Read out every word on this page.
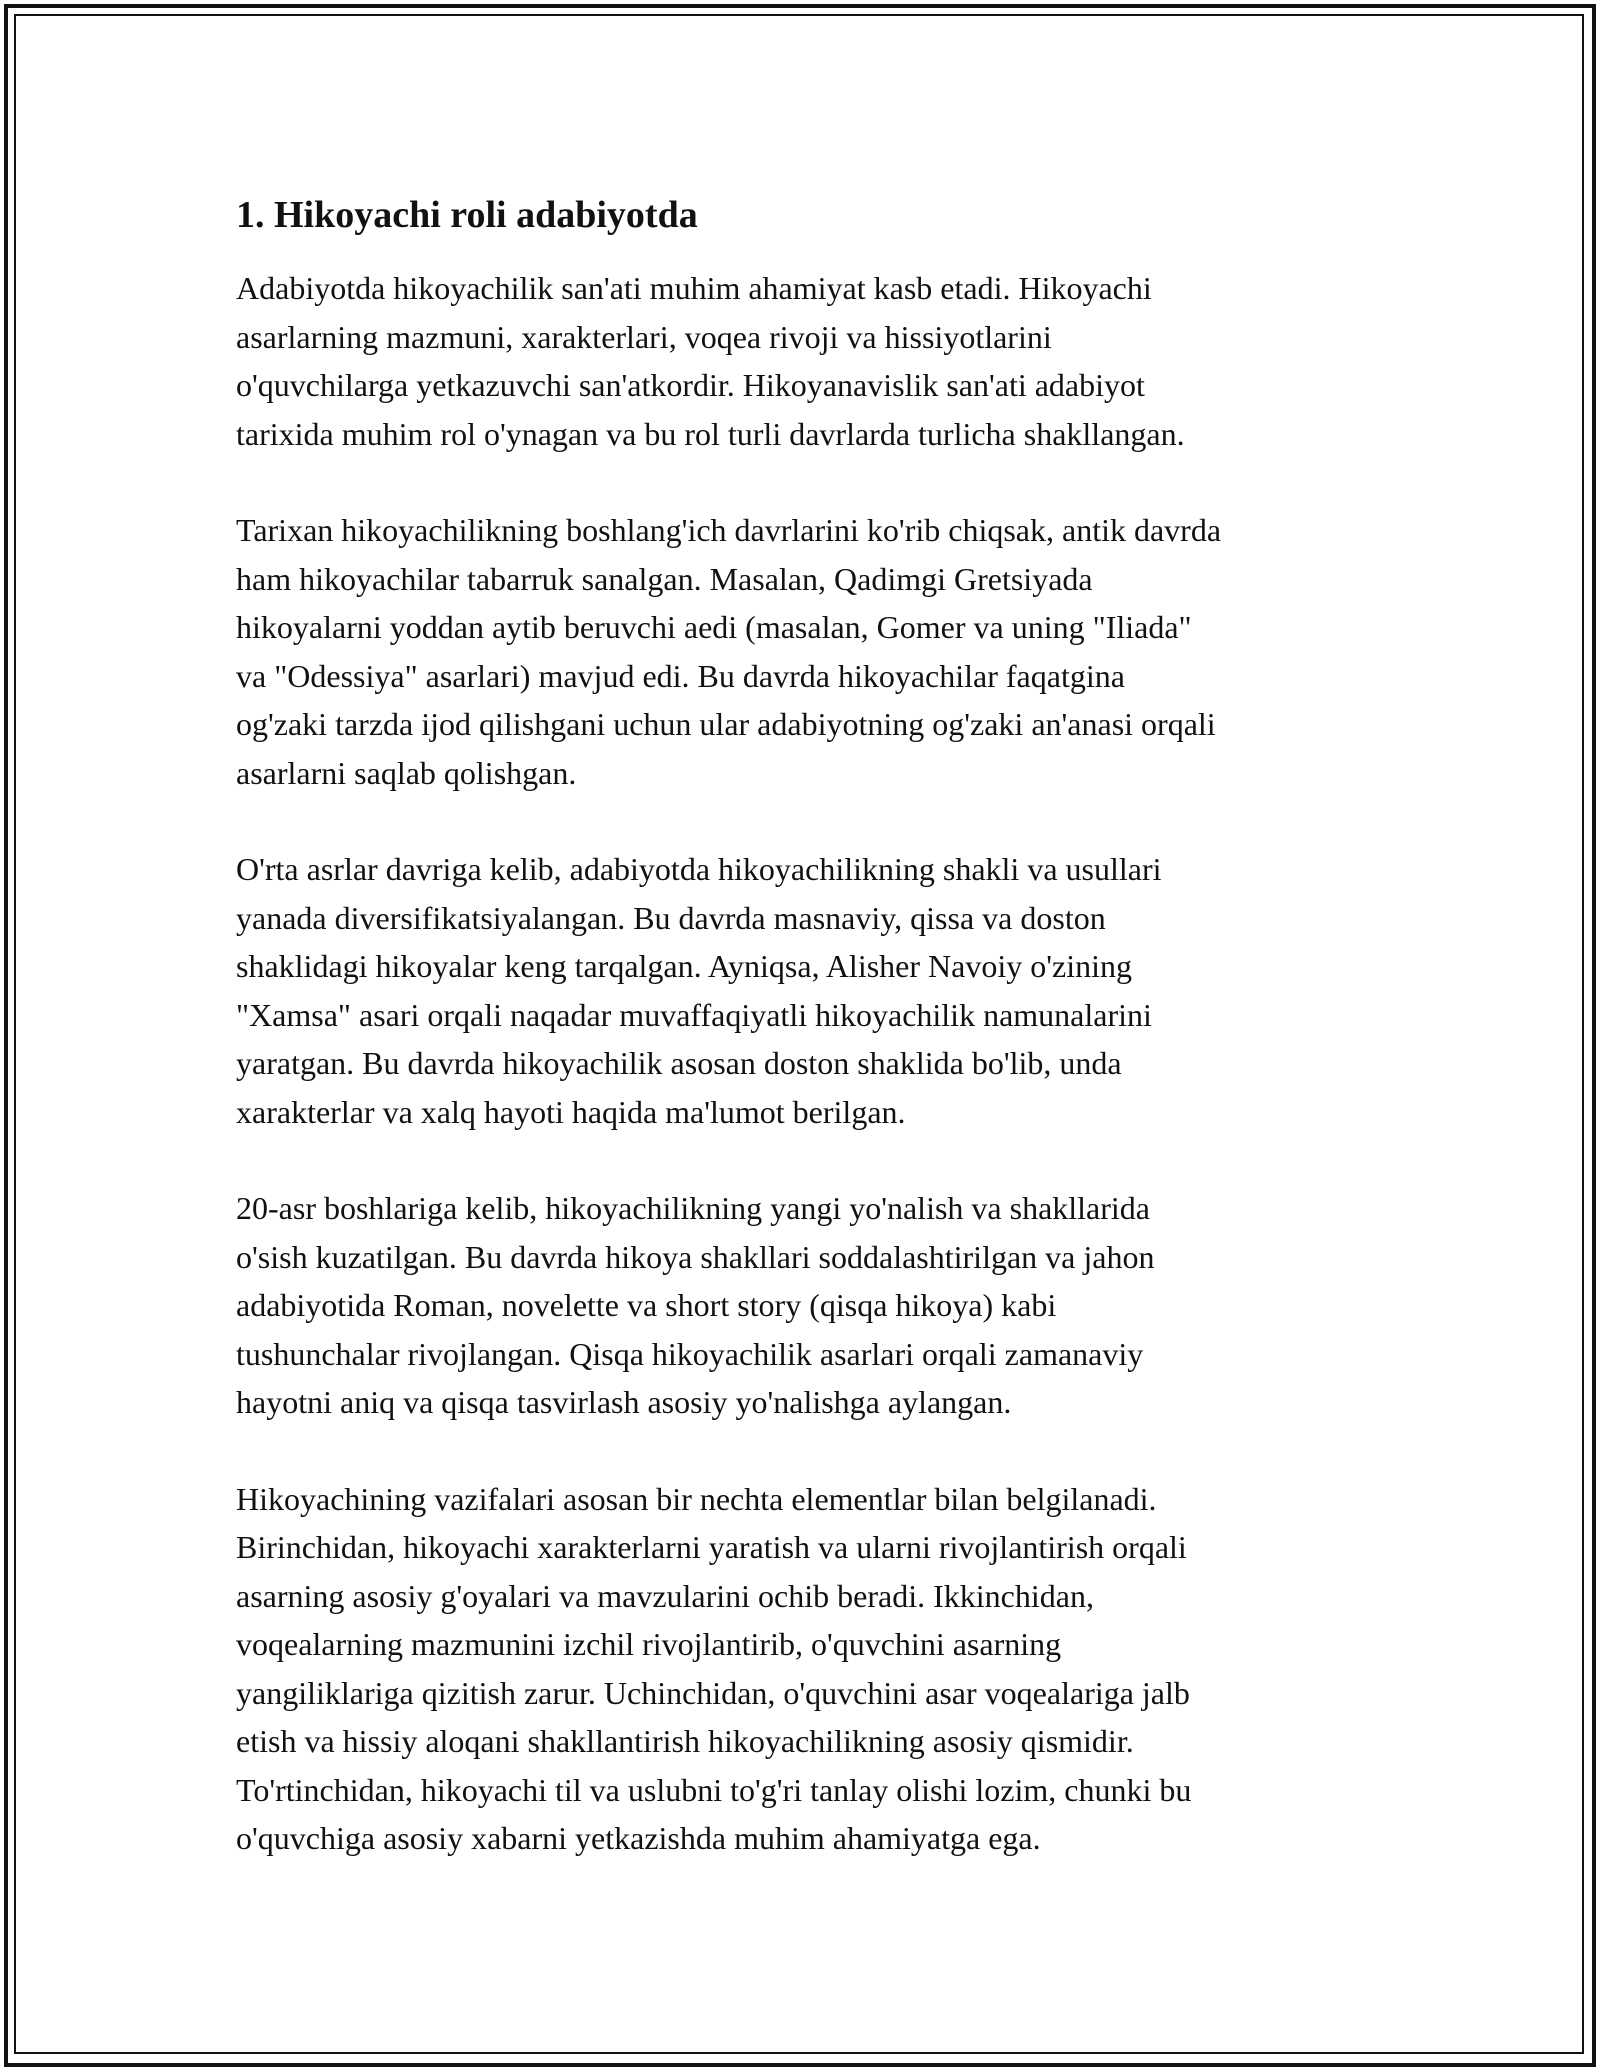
1. Hikoyachi roli adabiyotda

Adabiyotda hikoyachilik san'ati muhim ahamiyat kasb etadi. Hikoyachi
asarlarning mazmuni, xarakterlari, voqea rivoji va hissiyotlarini
o'quvchilarga yetkazuvchi san'atkordir. Hikoyanavislik san'ati adabiyot
tarixida muhim rol o'ynagan va bu rol turli davrlarda turlicha shakllangan.

Tarixan hikoyachilikning boshlang'ich davrlarini ko'rib chiqsak, antik davrda
ham hikoyachilar tabarruk sanalgan. Masalan, Qadimgi Gretsiyada
hikoyalarni yoddan aytib beruvchi aedi (masalan, Gomer va uning "Iliada"
va "Odessiya" asarlari) mavjud edi. Bu davrda hikoyachilar faqatgina
og'zaki tarzda ijod qilishgani uchun ular adabiyotning og'zaki an'anasi orqali
asarlarni saqlab qolishgan.

O'rta asrlar davriga kelib, adabiyotda hikoyachilikning shakli va usullari
yanada diversifikatsiyalangan. Bu davrda masnaviy, qissa va doston
shaklidagi hikoyalar keng tarqalgan. Ayniqsa, Alisher Navoiy o'zining
"Xamsa" asari orqali naqadar muvaffaqiyatli hikoyachilik namunalarini
yaratgan. Bu davrda hikoyachilik asosan doston shaklida bo'lib, unda
xarakterlar va xalq hayoti haqida ma'lumot berilgan.

20-asr boshlariga kelib, hikoyachilikning yangi yo'nalish va shakllarida
o'sish kuzatilgan. Bu davrda hikoya shakllari soddalashtirilgan va jahon
adabiyotida Roman, novelette va short story (qisqa hikoya) kabi
tushunchalar rivojlangan. Qisqa hikoyachilik asarlari orqali zamanaviy
hayotni aniq va qisqa tasvirlash asosiy yo'nalishga aylangan.

Hikoyachining vazifalari asosan bir nechta elementlar bilan belgilanadi.
Birinchidan, hikoyachi xarakterlarni yaratish va ularni rivojlantirish orqali
asarning asosiy g'oyalari va mavzularini ochib beradi. Ikkinchidan,
voqealarning mazmunini izchil rivojlantirib, o'quvchini asarning
yangiliklariga qizitish zarur. Uchinchidan, o'quvchini asar voqealariga jalb
etish va hissiy aloqani shakllantirish hikoyachilikning asosiy qismidir.
To'rtinchidan, hikoyachi til va uslubni to'g'ri tanlay olishi lozim, chunki bu
o'quvchiga asosiy xabarni yetkazishda muhim ahamiyatga ega.
